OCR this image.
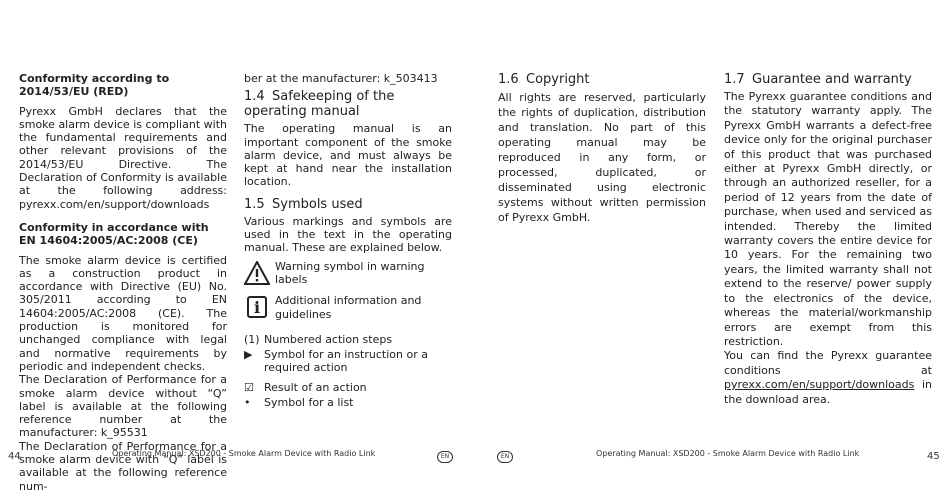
Conformity according to 2014/53/EU (RED)

Pyrexx GmbH declares that the smoke alarm device is compliant with the fundamental requirements and other relevant provisions of the 2014/53/EU Directive. The Declaration of Conformity is available at the following address: pyrexx.com/en/support/downloads

Conformity in accordance with EN 14604:2005/AC:2008 (CE)

The smoke alarm device is certified as a construction product in accordance with Directive (EU) No. 305/2011 according to EN 14604:2005/AC:2008 (CE). The production is monitored for unchanged compliance with legal and normative requirements by periodic and independent checks.

The Declaration of Performance for a smoke alarm device without “Q” label is available at the following reference number at the manufacturer: k_95531

The Declaration of Performance for a smoke alarm device with “Q” label is available at the following reference num-

ber at the manufacturer: k_503413

1.4 Safekeeping of the operating manual

The operating manual is an important component of the smoke alarm device, and must always be kept at hand near the installation location.

1.5 Symbols used

Various markings and symbols are used in the text in the operating manual. These are explained below.

Warning symbol in warning labels
i	Additional information and guidelines
(1) Numbered action steps
▶	Symbol for an instruction or a required action
☑ Result of an action
•	Symbol for a list
1.6 Copyright

All rights are reserved, particularly the rights of duplication, distribution and translation. No part of this operating manual may be reproduced in any form, or processed, duplicated, or disseminated using electronic systems without written permission of Pyrexx GmbH.

1.7 Guarantee and warranty

The Pyrexx guarantee conditions and the statutory warranty apply. The Pyrexx GmbH warrants a defect-free device only for the original purchaser of this product that was purchased either at Pyrexx GmbH directly, or through an authorized reseller, for a period of 12 years from the date of purchase, when used and serviced as intended. Thereby the limited warranty covers the entire device for 10 years. For the remaining two years, the limited warranty shall not extend to the reserve/ power supply to the electronics of the device, whereas the material/workmanship errors are exempt from this restriction.

You can find the Pyrexx guarantee conditions at pyrexx.com/en/support/downloads in the download area.

44	Operating Manual: XSD200 - Smoke Alarm Device with Radio Link	EN	EN	Operating Manual: XSD200 - Smoke Alarm Device with Radio Link	45
